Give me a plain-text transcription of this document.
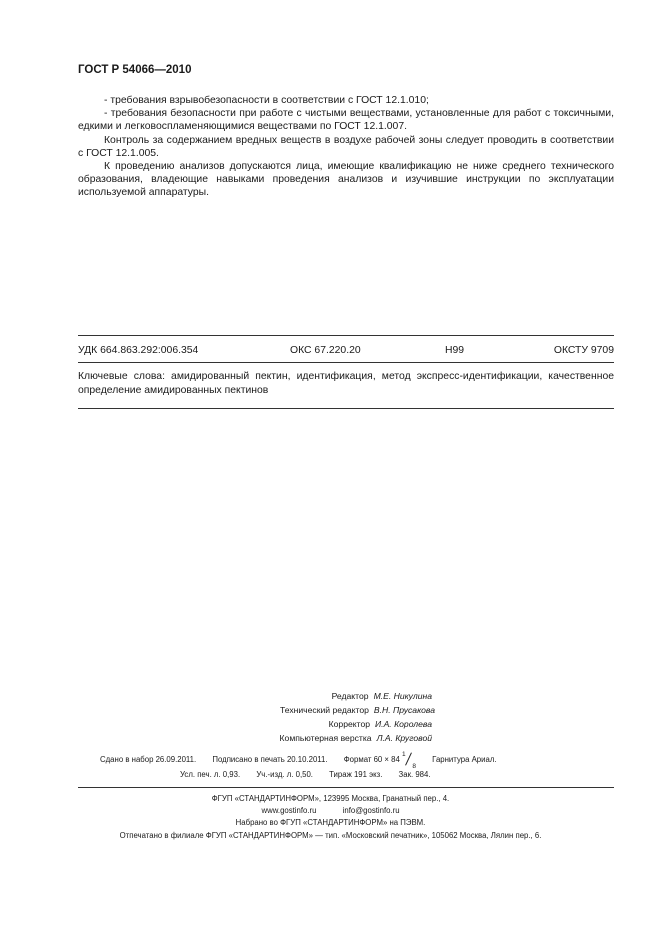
ГОСТ Р 54066—2010

- требования взрывобезопасности в соответствии с ГОСТ 12.1.010;

- требования безопасности при работе с чистыми веществами, установленные для работ с токсичными, едкими и легковоспламеняющимися веществами по ГОСТ 12.1.007.

Контроль за содержанием вредных веществ в воздухе рабочей зоны следует проводить в соответствии с ГОСТ 12.1.005.

К проведению анализов допускаются лица, имеющие квалификацию не ниже среднего технического образования, владеющие навыками проведения анализов и изучившие инструкции по эксплуатации используемой аппаратуры.

УДК 664.863.292:006.354	ОКС 67.220.20	Н99	ОКСТУ 9709
Ключевые слова: амидированный пектин, идентификация, метод экспресс-идентификации, качественное определение амидированных пектинов
Редактор М.Е. Никулина
Технический редактор В.Н. Прусакова
Корректор И.А. Королева
Компьютерная верстка Л.А. Круговой
Сдано в набор 26.09.2011. Подписано в печать 20.10.2011. Формат 60 × 84
1
8
Гарнитура Ариал.
Усл. печ. л. 0,93. Уч.-изд. л. 0,50. Тираж 191 экз. Зак. 984.
ФГУП «СТАНДАРТИНФОРМ», 123995 Москва, Гранатный пер., 4.
www.gostinfo.ru	info@gostinfo.ru
Набрано во ФГУП «СТАНДАРТИНФОРМ» на ПЭВМ.
Отпечатано в филиале ФГУП «СТАНДАРТИНФОРМ» — тип. «Московский печатник», 105062 Москва, Лялин пер., 6.
